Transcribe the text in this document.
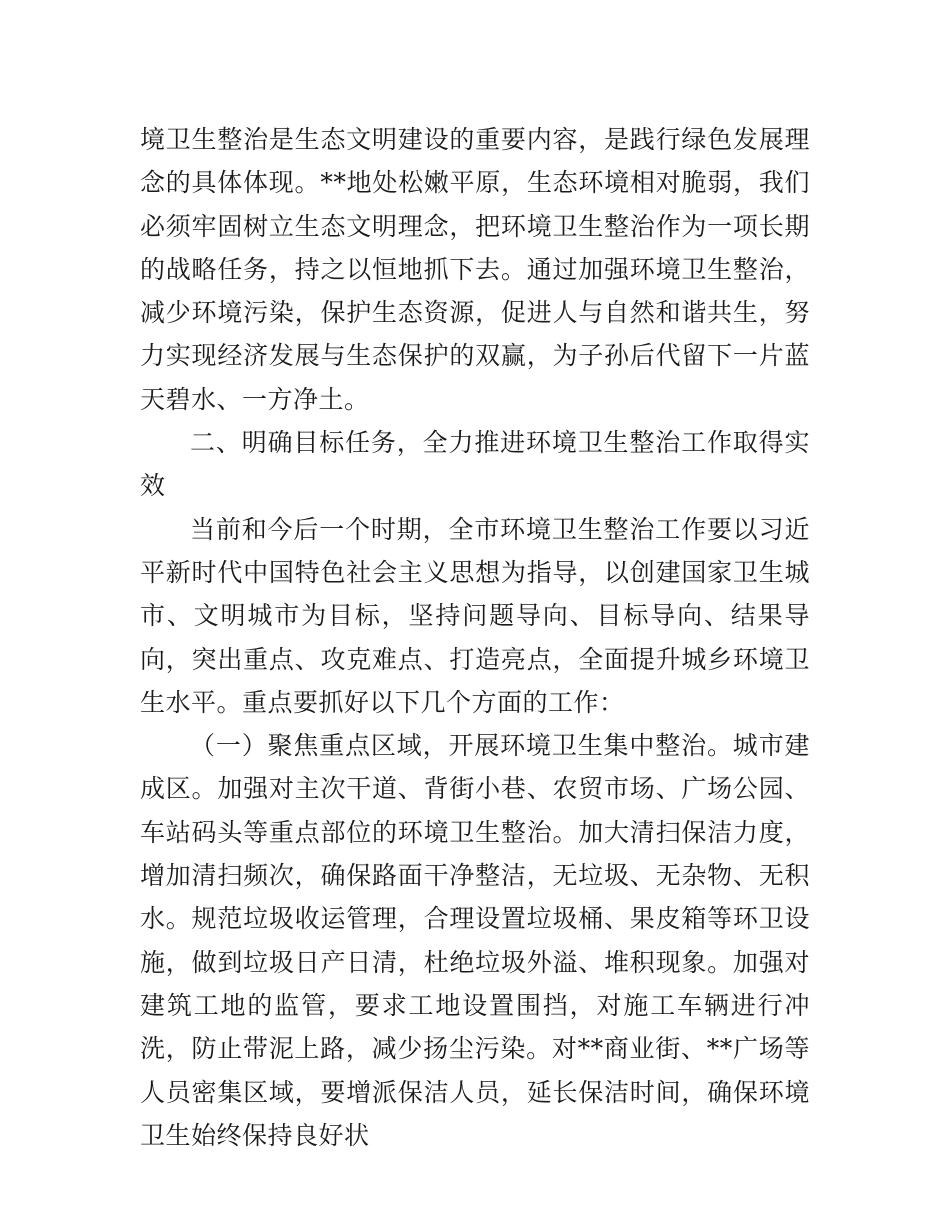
境卫生整治是生态文明建设的重要内容，是践行绿色发展理念的具体体现。**地处松嫩平原，生态环境相对脆弱，我们必须牢固树立生态文明理念，把环境卫生整治作为一项长期的战略任务，持之以恒地抓下去。通过加强环境卫生整治，减少环境污染，保护生态资源，促进人与自然和谐共生，努力实现经济发展与生态保护的双赢，为子孙后代留下一片蓝天碧水、一方净土。

二、明确目标任务，全力推进环境卫生整治工作取得实效

当前和今后一个时期，全市环境卫生整治工作要以习近平新时代中国特色社会主义思想为指导，以创建国家卫生城市、文明城市为目标，坚持问题导向、目标导向、结果导向，突出重点、攻克难点、打造亮点，全面提升城乡环境卫生水平。重点要抓好以下几个方面的工作：

（一）聚焦重点区域，开展环境卫生集中整治。城市建成区。加强对主次干道、背街小巷、农贸市场、广场公园、车站码头等重点部位的环境卫生整治。加大清扫保洁力度，增加清扫频次，确保路面干净整洁，无垃圾、无杂物、无积水。规范垃圾收运管理，合理设置垃圾桶、果皮箱等环卫设施，做到垃圾日产日清，杜绝垃圾外溢、堆积现象。加强对建筑工地的监管，要求工地设置围挡，对施工车辆进行冲洗，防止带泥上路，减少扬尘污染。对**商业街、**广场等人员密集区域，要增派保洁人员，延长保洁时间，确保环境卫生始终保持良好状
